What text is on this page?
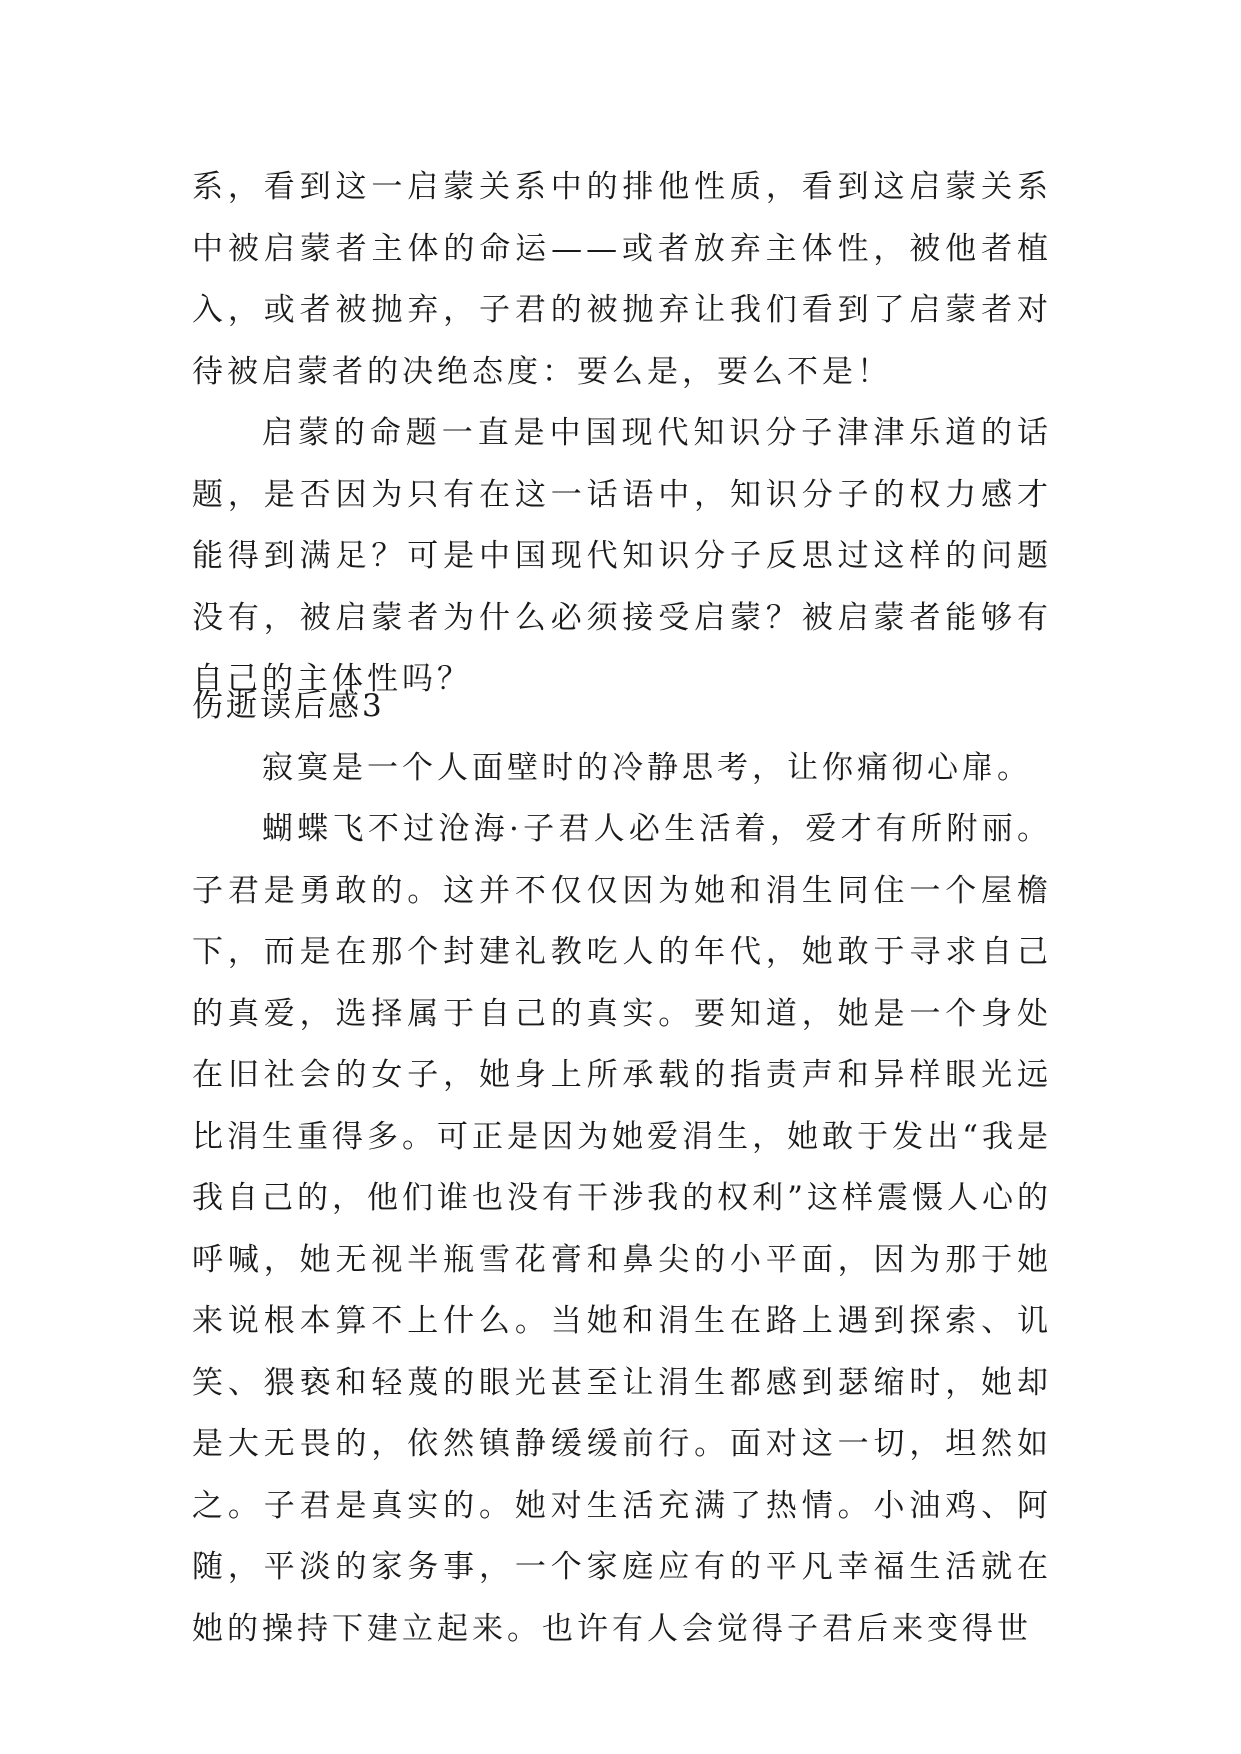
系，看到这一启蒙关系中的排他性质，看到这启蒙关系中被启蒙者主体的命运——或者放弃主体性，被他者植入，或者被抛弃，子君的被抛弃让我们看到了启蒙者对待被启蒙者的决绝态度：要么是，要么不是！

启蒙的命题一直是中国现代知识分子津津乐道的话题，是否因为只有在这一话语中，知识分子的权力感才能得到满足？可是中国现代知识分子反思过这样的问题没有，被启蒙者为什么必须接受启蒙？被启蒙者能够有自己的主体性吗？

伤逝读后感3

寂寞是一个人面壁时的冷静思考，让你痛彻心扉。

蝴蝶飞不过沧海·子君人必生活着，爱才有所附丽。子君是勇敢的。这并不仅仅因为她和涓生同住一个屋檐下，而是在那个封建礼教吃人的年代，她敢于寻求自己的真爱，选择属于自己的真实。要知道，她是一个身处在旧社会的女子，她身上所承载的指责声和异样眼光远比涓生重得多。可正是因为她爱涓生，她敢于发出“我是我自己的，他们谁也没有干涉我的权利”这样震慑人心的呼喊，她无视半瓶雪花膏和鼻尖的小平面，因为那于她来说根本算不上什么。当她和涓生在路上遇到探索、讥笑、猥亵和轻蔑的眼光甚至让涓生都感到瑟缩时，她却是大无畏的，依然镇静缓缓前行。面对这一切，坦然如之。子君是真实的。她对生活充满了热情。小油鸡、阿随，平淡的家务事，一个家庭应有的平凡幸福生活就在她的操持下建立起来。也许有人会觉得子君后来变得世
